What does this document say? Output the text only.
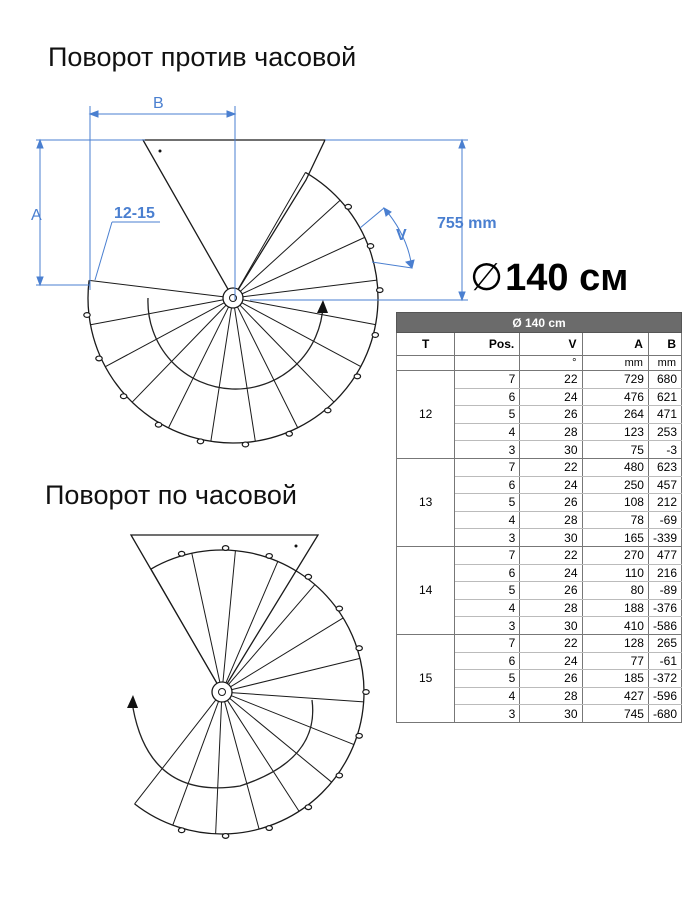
Поворот против часовой
Поворот по часовой
B
A	12-15
V
755 mm
∅140 см
Ø 140 cm				
T	Pos.	V	A	B
		°	mm	mm
12	7	22	729	680
	6	24	476	621
	5	26	264	471
	4	28	123	253
	3	30	75	-3
13	7	22	480	623
	6	24	250	457
	5	26	108	212
	4	28	78	-69
	3	30	165	-339
14	7	22	270	477
	6	24	110	216
	5	26	80	-89
	4	28	188	-376
	3	30	410	-586
15	7	22	128	265
	6	24	77	-61
	5	26	185	-372
	4	28	427	-596
	3	30	745	-680
